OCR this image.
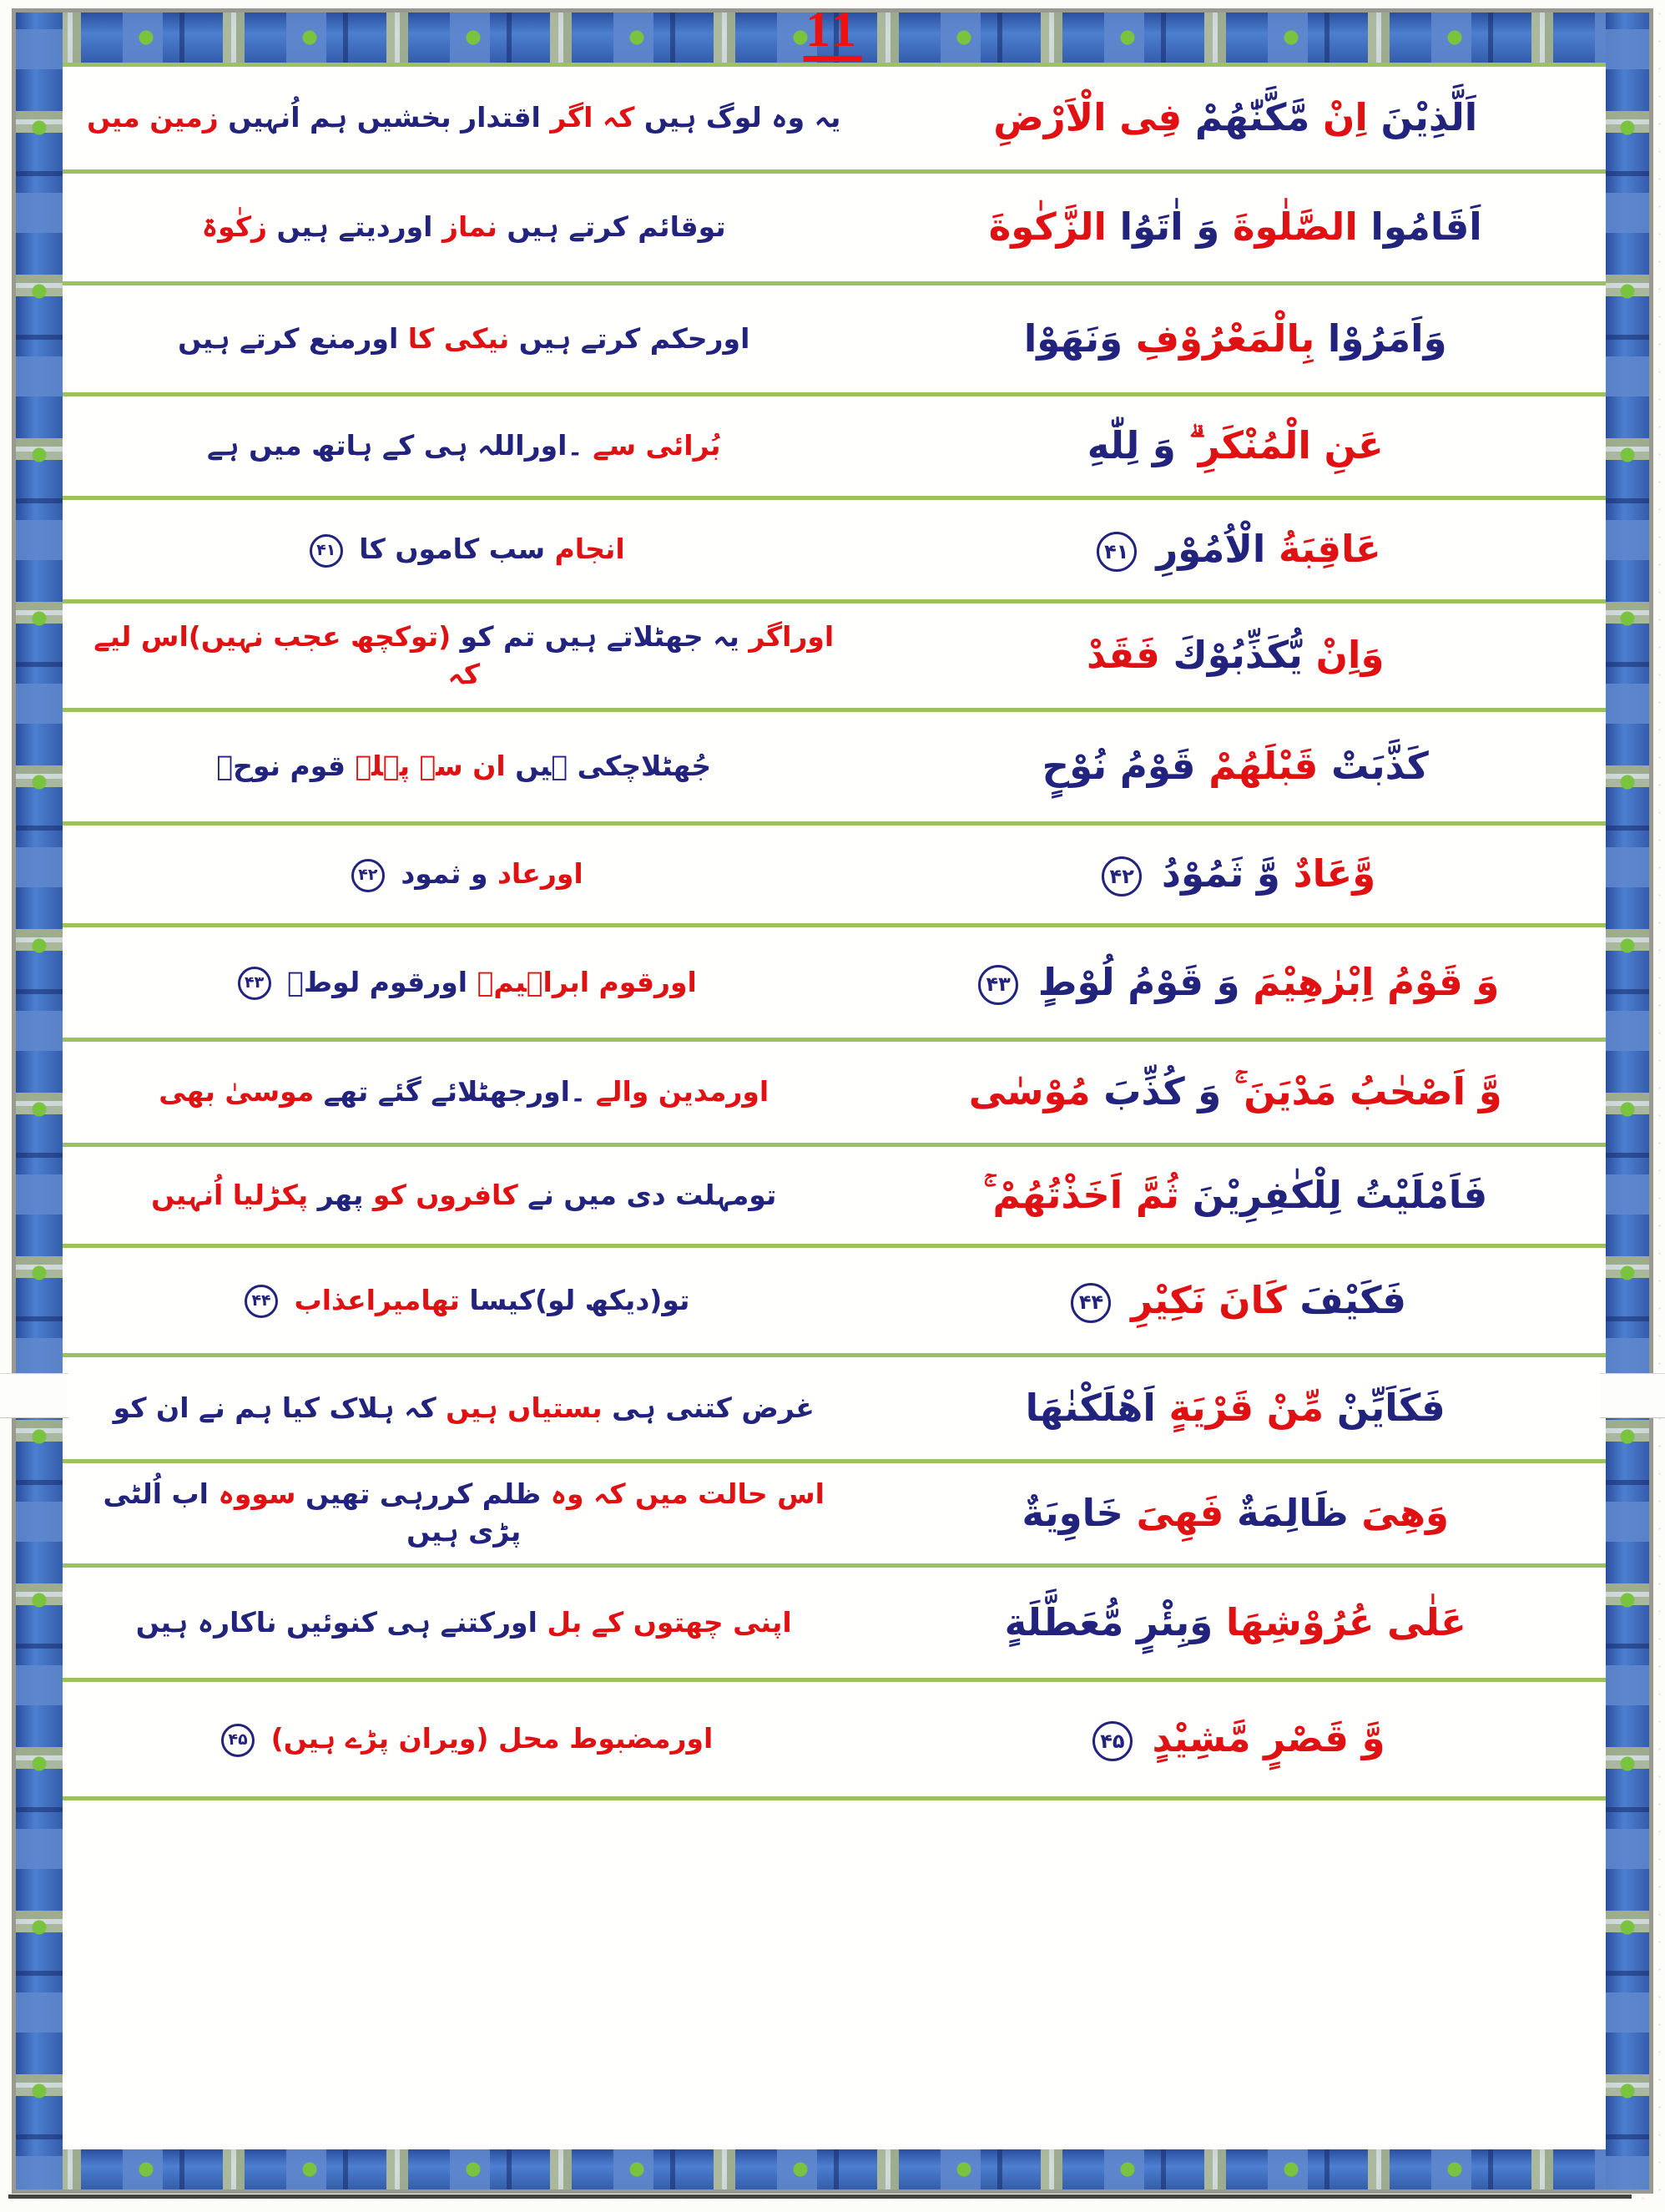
یہ وہ لوگ ہیں کہ اگر اقتدار بخشیں ہم اُنہیں زمین میں	اَلَّذِيْنَ اِنْ مَّكَّنّٰهُمْ فِى الْاَرْضِ
توقائم کرتے ہیں نماز اوردیتے ہیں زکٰوۃ	اَقَامُوا الصَّلٰوةَ وَ اٰتَوُا الزَّكٰوةَ
اورحکم کرتے ہیں نیکی کا اورمنع کرتے ہیں	وَاَمَرُوْا بِالْمَعْرُوْفِ وَنَهَوْا
بُرائی سے ۔اوراللہ ہی کے ہاتھ میں ہے	عَنِ الْمُنْكَرِ ۗ وَ لِلّٰهِ
انجام سب کاموں کا ۴۱	عَاقِبَةُ الْاُمُوْرِ ۴۱
اوراگر یہ جھٹلاتے ہیں تم کو (توکچھ عجب نہیں)اس لیے کہ	وَاِنْ يُّكَذِّبُوْكَ فَقَدْ
جُھٹلاچکی ہیں ان سے پہلے قوم نوحؑ	كَذَّبَتْ قَبْلَهُمْ قَوْمُ نُوْحٍ
اورعاد و ثمود ۴۲	وَّعَادٌ وَّ ثَمُوْدُ ۴۲
اورقوم ابراہیمؑ اورقوم لوطؑ ۴۳	وَ قَوْمُ اِبْرٰهِيْمَ وَ قَوْمُ لُوْطٍ ۴۳
اورمدین والے ۔اورجھٹلائے گئے تھے موسیٰ بھی	وَّ اَصْحٰبُ مَدْيَنَ ۚ وَ كُذِّبَ مُوْسٰى
تومہلت دی میں نے کافروں کو پھر پکڑلیا اُنہیں	فَاَمْلَيْتُ لِلْكٰفِرِيْنَ ثُمَّ اَخَذْتُهُمْ ۚ
تو(دیکھ لو)کیسا تھامیراعذاب ۴۴	فَكَيْفَ كَانَ نَكِيْرِ ۴۴
غرض کتنی ہی بستیاں ہیں کہ ہلاک کیا ہم نے ان کو	فَكَاَيِّنْ مِّنْ قَرْيَةٍ اَهْلَكْنٰهَا
اس حالت میں کہ وہ ظلم کررہی تھیں سووہ اب اُلٹی پڑی ہیں	وَهِىَ ظَالِمَةٌ فَهِىَ خَاوِيَةٌ
اپنی چھتوں کے بل اورکتنے ہی کنوئیں ناکارہ ہیں	عَلٰى عُرُوْشِهَا وَبِئْرٍ مُّعَطَّلَةٍ
اورمضبوط محل (ویران پڑے ہیں) ۴۵	وَّ قَصْرٍ مَّشِيْدٍ ۴۵
11
